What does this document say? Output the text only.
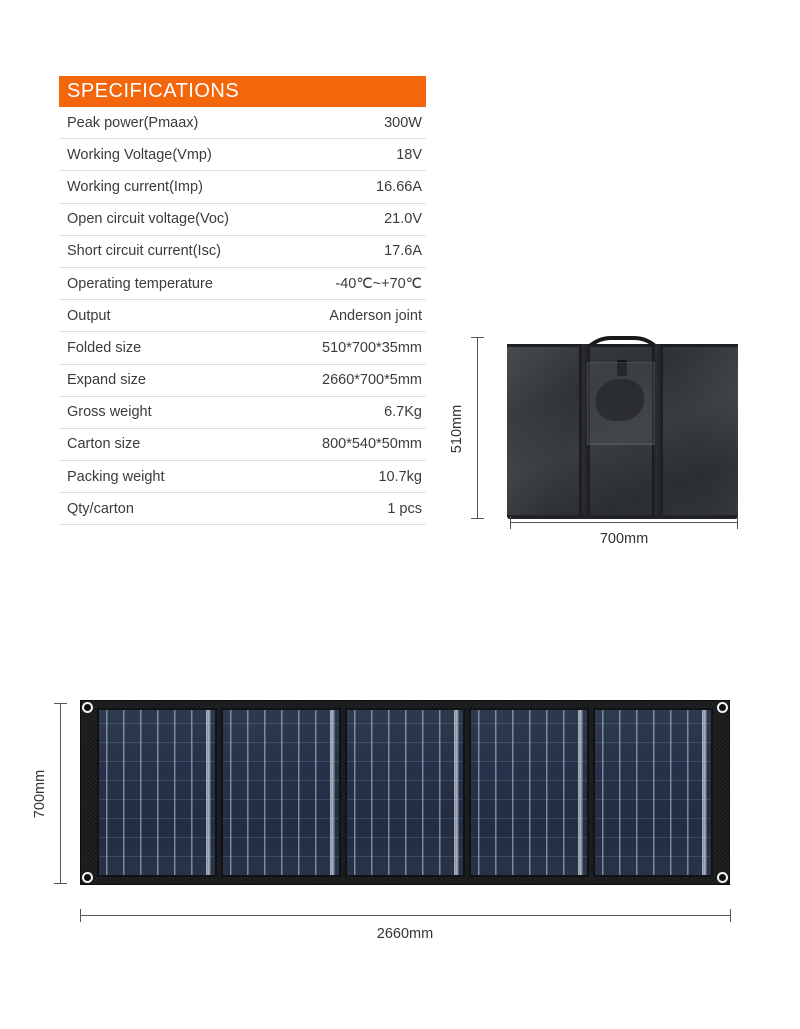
SPECIFICATIONS
Peak power(Pmaax)	300W
Working Voltage(Vmp)	18V
Working current(Imp)	16.66A
Open circuit voltage(Voc)	21.0V
Short circuit current(Isc)	17.6A
Operating temperature	-40℃~+70℃
Output	Anderson joint
Folded size	510*700*35mm
Expand size	2660*700*5mm
Gross weight	6.7Kg
Carton size	800*540*50mm
Packing weight	10.7kg
Qty/carton	1 pcs
510mm
700mm
700mm
2660mm
